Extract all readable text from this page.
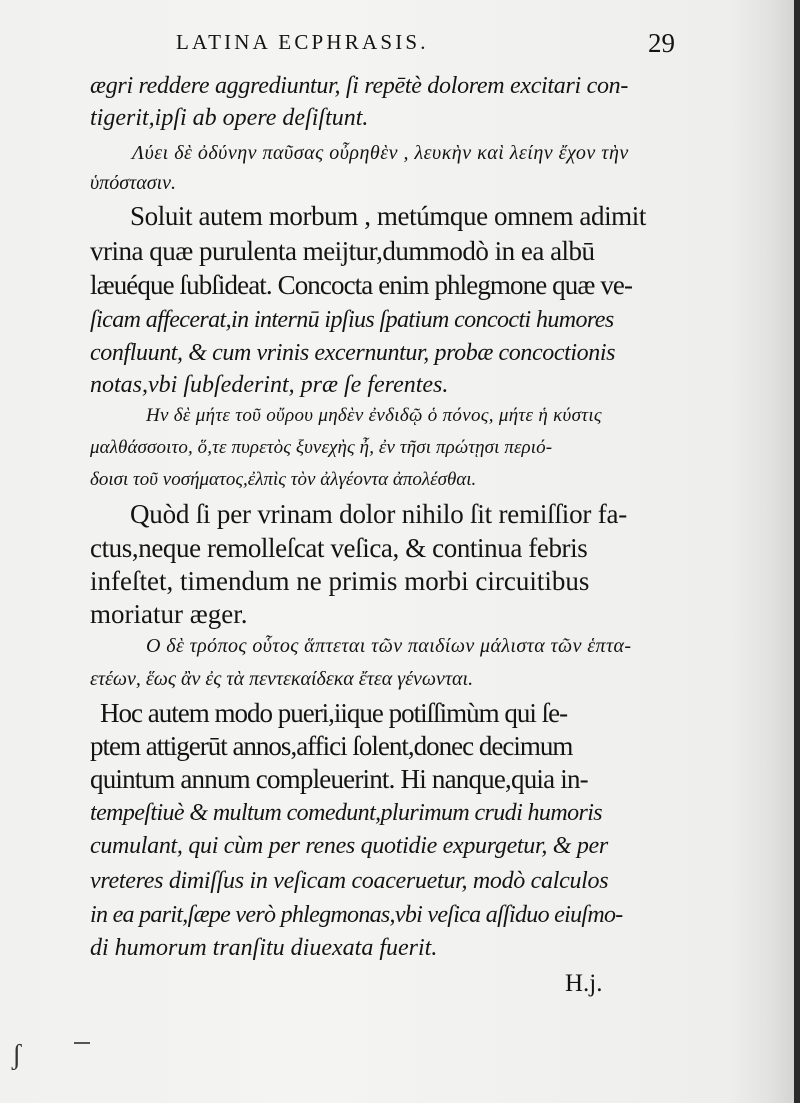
LATINA ECPHRASIS.	29
ægri reddere aggrediuntur, ſi repētè dolorem excitari con-
tigerit,ipſi ab opere deſiſtunt.
Λύει δὲ ὀδύνην παῦσας οὖρηθὲν , λευκὴν καὶ λείην ἔχον τὴν
ὑπόστασιν.
Soluit autem morbum , metúmque omnem adimit
vrina quæ purulenta meijtur,dummodò in ea albū
læuéque ſubſideat. Concocta enim phlegmone quæ ve-
ſicam affecerat,in internū ipſius ſpatium concocti humores
confluunt, & cum vrinis excernuntur, probæ concoctionis
notas,vbi ſubſederint, præ ſe ferentes.
Ην δὲ μήτε τοῦ οὔρου μηδὲν ἐνδιδῷ ὁ πόνος, μήτε ἡ κύστις
μαλθάσσοιτο, ὅ,τε πυρετὸς ξυνεχὴς ἦ, ἐν τῆσι πρώτῃσι περιό-
δοισι τοῦ νοσήματος,ἐλπὶς τὸν ἀλγέοντα ἀπολέσθαι.
Quòd ſi per vrinam dolor nihilo ſit remiſſior fa-
ctus,neque remolleſcat veſica, & continua febris
infeſtet, timendum ne primis morbi circuitibus
moriatur æger.
Ο δὲ τρόπος οὗτος ἅπτεται τῶν παιδίων μάλιστα τῶν ἑπτα-
ετέων, ἕως ἂν ἐς τὰ πεντεκαίδεκα ἔτεα γένωνται.
Hoc autem modo pueri,iique potiſſimùm qui ſe-
ptem attigerūt annos,affici ſolent,donec decimum
quintum annum compleuerint. Hi nanque,quia in-
tempeſtiuè & multum comedunt,plurimum crudi humoris
cumulant, qui cùm per renes quotidie expurgetur, & per
vreteres dimiſſus in veſicam coaceruetur, modò calculos
in ea parit,ſæpe verò phlegmonas,vbi veſica aſſiduo eiuſmo-
di humorum tranſitu diuexata fuerit.
H.j.
ʃ
